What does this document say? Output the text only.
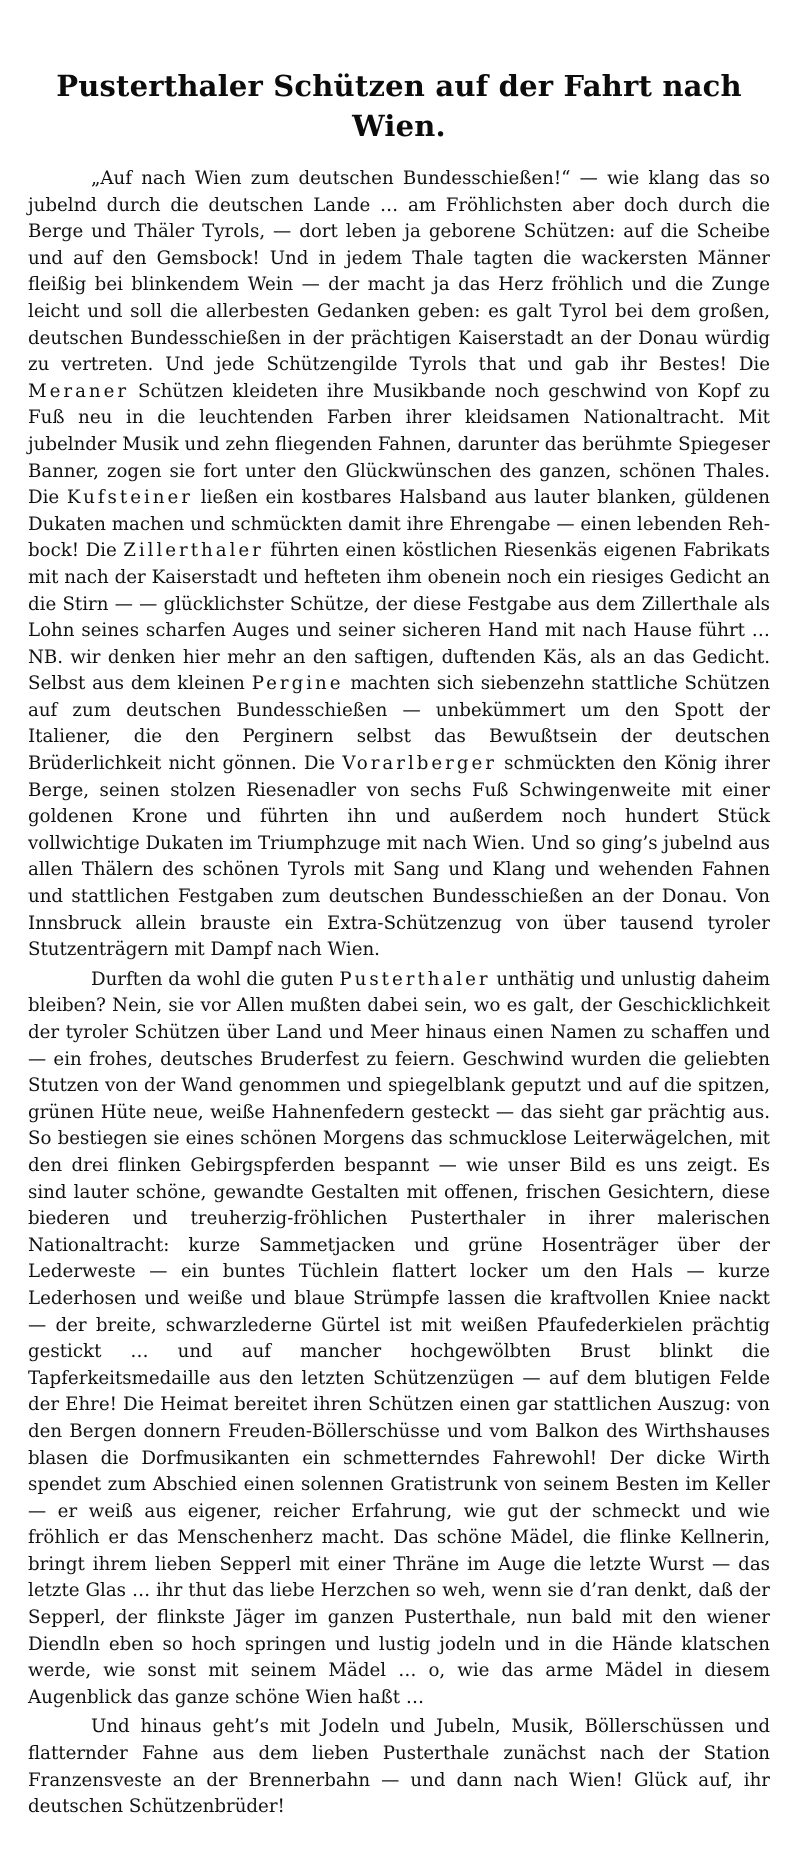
Pusterthaler Schützen auf der Fahrt nach Wien.

„Auf nach Wien zum deutschen Bundesschießen!“ — wie klang das so jubelnd durch die deutschen Lande … am Fröhlichsten aber doch durch die Berge und Thäler Tyrols, — dort leben ja geborene Schützen: auf die Scheibe und auf den Gemsbock! Und in jedem Thale tagten die wackersten Männer fleißig bei blinkendem Wein — der macht ja das Herz fröhlich und die Zunge leicht und soll die allerbesten Gedanken geben: es galt Tyrol bei dem großen, deutschen Bundesschießen in der prächtigen Kaiserstadt an der Donau würdig zu vertreten. Und jede Schützengilde Tyrols that und gab ihr Bestes! Die Meraner Schützen kleideten ihre Musikbande noch geschwind von Kopf zu Fuß neu in die leuchtenden Farben ihrer kleidsamen Nationaltracht. Mit jubelnder Musik und zehn fliegenden Fahnen, darunter das berühmte Spiegeser Banner, zogen sie fort unter den Glückwünschen des ganzen, schönen Thales. Die Kufsteiner ließen ein kostbares Halsband aus lauter blanken, güldenen Dukaten machen und schmückten damit ihre Ehrengabe — einen lebenden Rehbock! Die Zillerthaler führten einen köstlichen Riesenkäs eigenen Fabrikats mit nach der Kaiserstadt und hefteten ihm obenein noch ein riesiges Gedicht an die Stirn — — glücklichster Schütze, der diese Festgabe aus dem Zillerthale als Lohn seines scharfen Auges und seiner sicheren Hand mit nach Hause führt … NB. wir denken hier mehr an den saftigen, duftenden Käs, als an das Gedicht. Selbst aus dem kleinen Pergine machten sich siebenzehn stattliche Schützen auf zum deutschen Bundesschießen — unbekümmert um den Spott der Italiener, die den Perginern selbst das Bewußtsein der deutschen Brüderlichkeit nicht gönnen. Die Vorarlberger schmückten den König ihrer Berge, seinen stolzen Riesenadler von sechs Fuß Schwingenweite mit einer goldenen Krone und führten ihn und außerdem noch hundert Stück vollwichtige Dukaten im Triumphzuge mit nach Wien. Und so ging’s jubelnd aus allen Thälern des schönen Tyrols mit Sang und Klang und wehenden Fahnen und stattlichen Festgaben zum deutschen Bundesschießen an der Donau. Von Innsbruck allein brauste ein Extra-Schützenzug von über tausend tyroler Stutzenträgern mit Dampf nach Wien.

Durften da wohl die guten Pusterthaler unthätig und unlustig daheim bleiben? Nein, sie vor Allen mußten dabei sein, wo es galt, der Geschicklichkeit der tyroler Schützen über Land und Meer hinaus einen Namen zu schaffen und — ein frohes, deutsches Bruderfest zu feiern. Geschwind wurden die geliebten Stutzen von der Wand genommen und spiegelblank geputzt und auf die spitzen, grünen Hüte neue, weiße Hahnenfedern gesteckt — das sieht gar prächtig aus. So bestiegen sie eines schönen Morgens das schmucklose Leiterwägelchen, mit den drei flinken Gebirgspferden bespannt — wie unser Bild es uns zeigt. Es sind lauter schöne, gewandte Gestalten mit offenen, frischen Gesichtern, diese biederen und treuherzig-fröhlichen Pusterthaler in ihrer malerischen Nationaltracht: kurze Sammetjacken und grüne Hosenträger über der Lederweste — ein buntes Tüchlein flattert locker um den Hals — kurze Lederhosen und weiße und blaue Strümpfe lassen die kraftvollen Kniee nackt — der breite, schwarzlederne Gürtel ist mit weißen Pfaufederkielen prächtig gestickt … und auf mancher hochgewölbten Brust blinkt die Tapferkeitsmedaille aus den letzten Schützenzügen — auf dem blutigen Felde der Ehre! Die Heimat bereitet ihren Schützen einen gar stattlichen Auszug: von den Bergen donnern Freuden-Böllerschüsse und vom Balkon des Wirthshauses blasen die Dorfmusikanten ein schmetterndes Fahrewohl! Der dicke Wirth spendet zum Abschied einen solennen Gratistrunk von seinem Besten im Keller — er weiß aus eigener, reicher Erfahrung, wie gut der schmeckt und wie fröhlich er das Menschenherz macht. Das schöne Mädel, die flinke Kellnerin, bringt ihrem lieben Sepperl mit einer Thräne im Auge die letzte Wurst — das letzte Glas … ihr thut das liebe Herzchen so weh, wenn sie d’ran denkt, daß der Sepperl, der flinkste Jäger im ganzen Pusterthale, nun bald mit den wiener Diendln eben so hoch springen und lustig jodeln und in die Hände klatschen werde, wie sonst mit seinem Mädel … o, wie das arme Mädel in diesem Augenblick das ganze schöne Wien haßt …

Und hinaus geht’s mit Jodeln und Jubeln, Musik, Böllerschüssen und flatternder Fahne aus dem lieben Pusterthale zunächst nach der Station Franzensveste an der Brennerbahn — und dann nach Wien! Glück auf, ihr deutschen Schützenbrüder!
